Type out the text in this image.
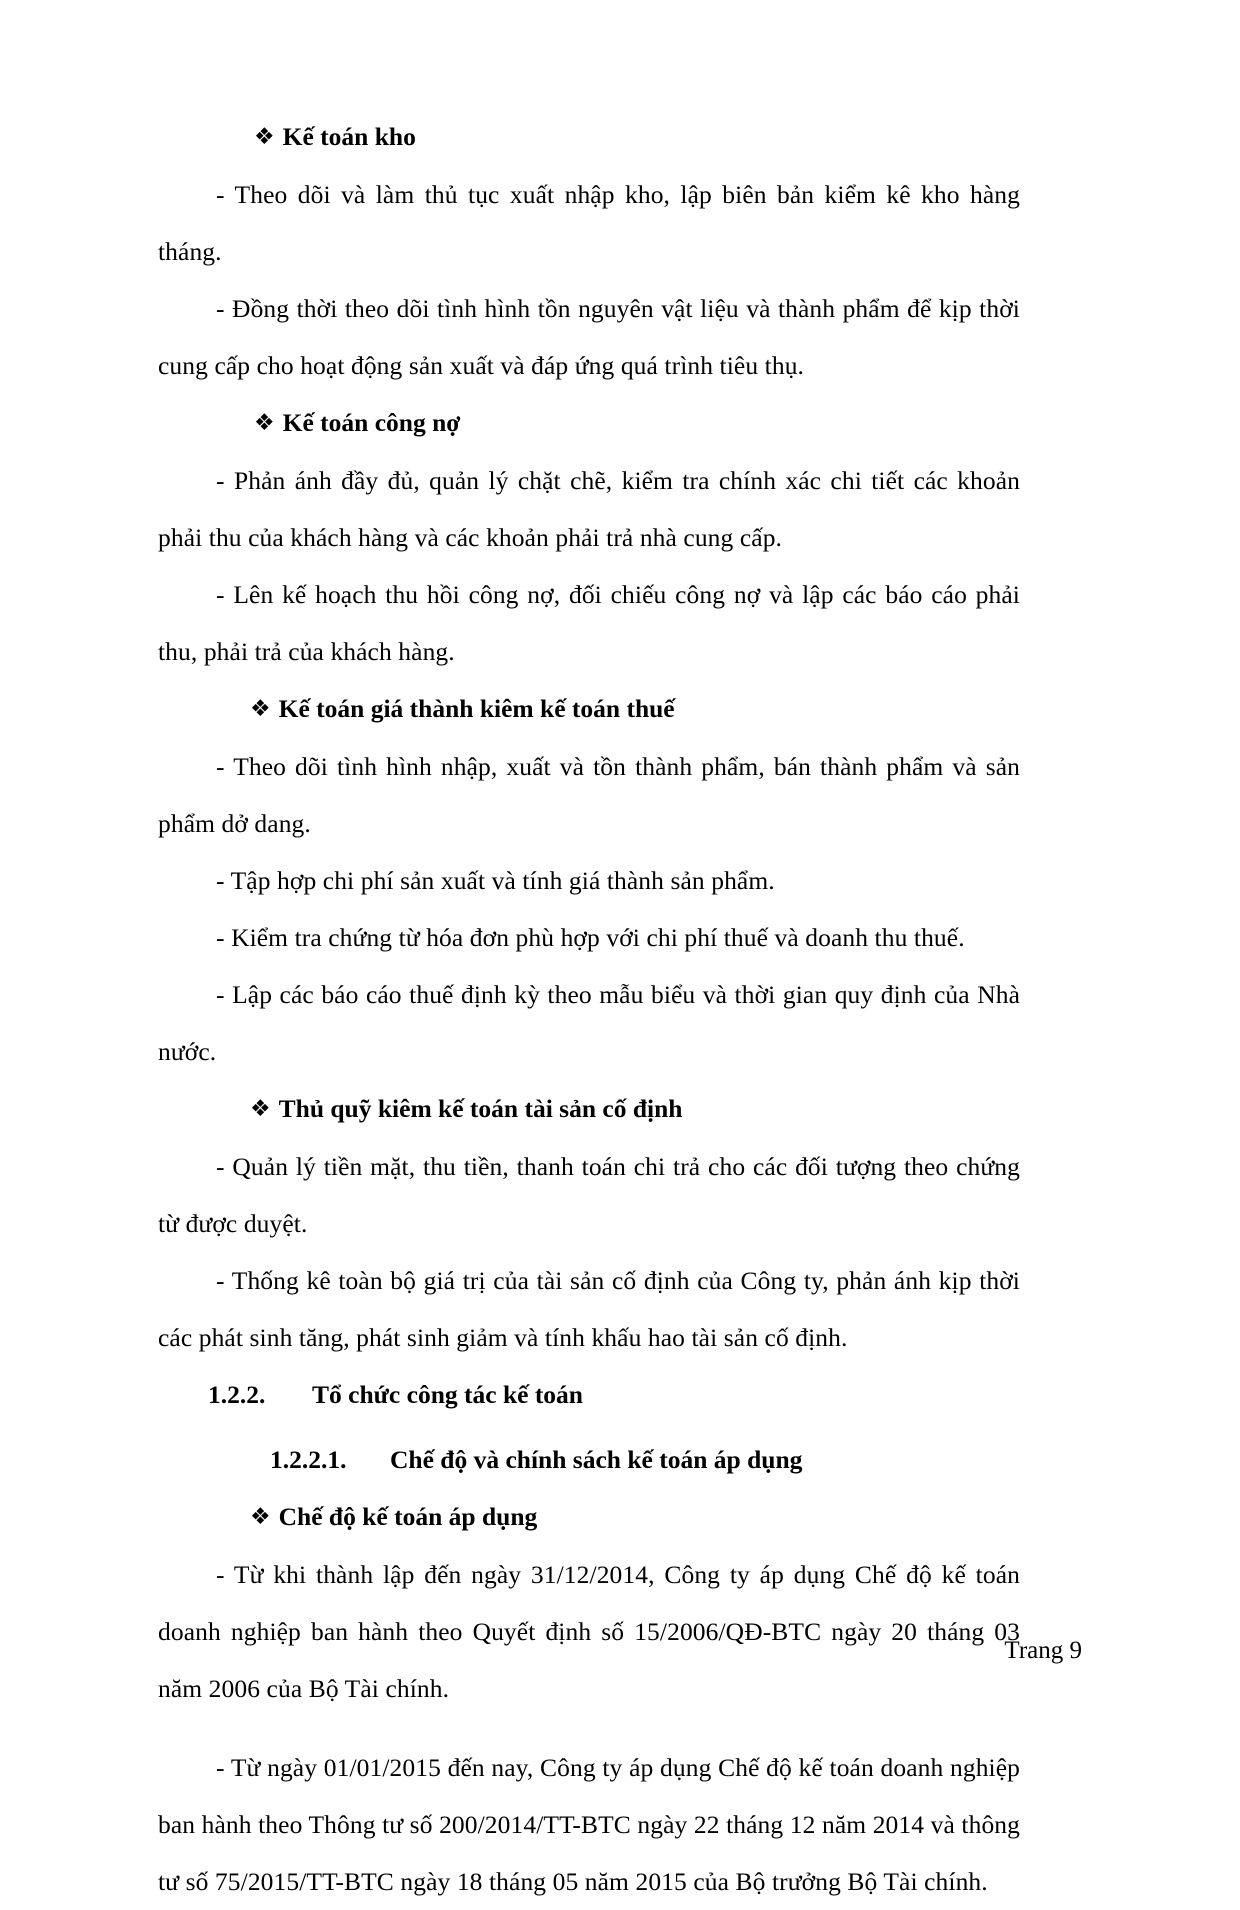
❖ Kế toán kho

- Theo dõi và làm thủ tục xuất nhập kho, lập biên bản kiểm kê kho hàng tháng.

- Đồng thời theo dõi tình hình tồn nguyên vật liệu và thành phẩm để kịp thời cung cấp cho hoạt động sản xuất và đáp ứng quá trình tiêu thụ.

❖ Kế toán công nợ

- Phản ánh đầy đủ, quản lý chặt chẽ, kiểm tra chính xác chi tiết các khoản phải thu của khách hàng và các khoản phải trả nhà cung cấp.

- Lên kế hoạch thu hồi công nợ, đối chiếu công nợ và lập các báo cáo phải thu, phải trả của khách hàng.

❖ Kế toán giá thành kiêm kế toán thuế

- Theo dõi tình hình nhập, xuất và tồn thành phẩm, bán thành phẩm và sản phẩm dở dang.

- Tập hợp chi phí sản xuất và tính giá thành sản phẩm.

- Kiểm tra chứng từ hóa đơn phù hợp với chi phí thuế và doanh thu thuế.

- Lập các báo cáo thuế định kỳ theo mẫu biểu và thời gian quy định của Nhà nước.

❖ Thủ quỹ kiêm kế toán tài sản cố định

- Quản lý tiền mặt, thu tiền, thanh toán chi trả cho các đối tượng theo chứng từ được duyệt.

- Thống kê toàn bộ giá trị của tài sản cố định của Công ty, phản ánh kịp thời các phát sinh tăng, phát sinh giảm và tính khấu hao tài sản cố định.

1.2.2.	Tổ chức công tác kế toán
1.2.2.1.	Chế độ và chính sách kế toán áp dụng
❖ Chế độ kế toán áp dụng

- Từ khi thành lập đến ngày 31/12/2014, Công ty áp dụng Chế độ kế toán doanh nghiệp ban hành theo Quyết định số 15/2006/QĐ-BTC ngày 20 tháng 03 năm 2006 của Bộ Tài chính.

- Từ ngày 01/01/2015 đến nay, Công ty áp dụng Chế độ kế toán doanh nghiệp ban hành theo Thông tư số 200/2014/TT-BTC ngày 22 tháng 12 năm 2014 và thông tư số 75/2015/TT-BTC ngày 18 tháng 05 năm 2015 của Bộ trưởng Bộ Tài chính.

Trang 9
